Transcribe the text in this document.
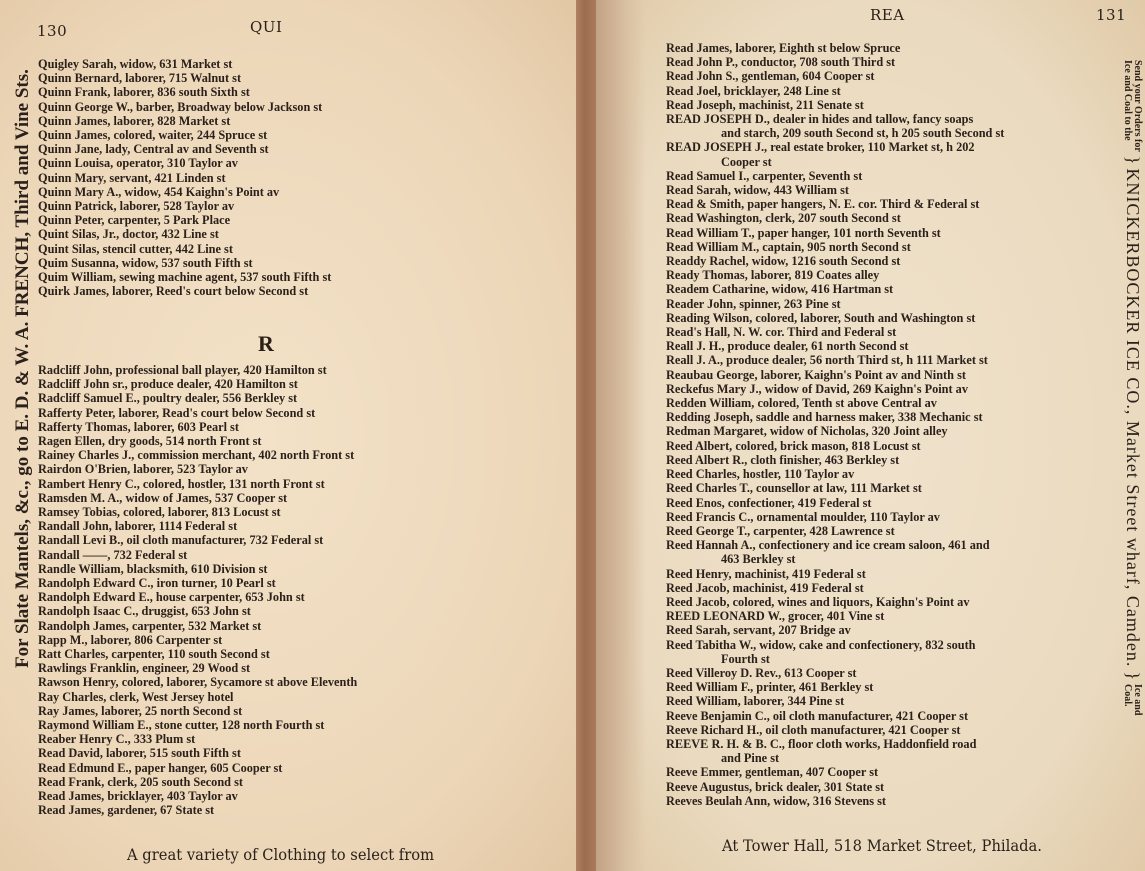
130	QUI
Quigley Sarah, widow, 631 Market st
Quinn Bernard, laborer, 715 Walnut st
Quinn Frank, laborer, 836 south Sixth st
Quinn George W., barber, Broadway below Jackson st
Quinn James, laborer, 828 Market st
Quinn James, colored, waiter, 244 Spruce st
Quinn Jane, lady, Central av and Seventh st
Quinn Louisa, operator, 310 Taylor av
Quinn Mary, servant, 421 Linden st
Quinn Mary A., widow, 454 Kaighn's Point av
Quinn Patrick, laborer, 528 Taylor av
Quinn Peter, carpenter, 5 Park Place
Quint Silas, Jr., doctor, 432 Line st
Quint Silas, stencil cutter, 442 Line st
Quim Susanna, widow, 537 south Fifth st
Quim William, sewing machine agent, 537 south Fifth st
Quirk James, laborer, Reed's court below Second st
R
Radcliff John, professional ball player, 420 Hamilton st
Radcliff John sr., produce dealer, 420 Hamilton st
Radcliff Samuel E., poultry dealer, 556 Berkley st
Rafferty Peter, laborer, Read's court below Second st
Rafferty Thomas, laborer, 603 Pearl st
Ragen Ellen, dry goods, 514 north Front st
Rainey Charles J., commission merchant, 402 north Front st
Rairdon O'Brien, laborer, 523 Taylor av
Rambert Henry C., colored, hostler, 131 north Front st
Ramsden M. A., widow of James, 537 Cooper st
Ramsey Tobias, colored, laborer, 813 Locust st
Randall John, laborer, 1114 Federal st
Randall Levi B., oil cloth manufacturer, 732 Federal st
Randall ——, 732 Federal st
Randle William, blacksmith, 610 Division st
Randolph Edward C., iron turner, 10 Pearl st
Randolph Edward E., house carpenter, 653 John st
Randolph Isaac C., druggist, 653 John st
Randolph James, carpenter, 532 Market st
Rapp M., laborer, 806 Carpenter st
Ratt Charles, carpenter, 110 south Second st
Rawlings Franklin, engineer, 29 Wood st
Rawson Henry, colored, laborer, Sycamore st above Eleventh
Ray Charles, clerk, West Jersey hotel
Ray James, laborer, 25 north Second st
Raymond William E., stone cutter, 128 north Fourth st
Reaber Henry C., 333 Plum st
Read David, laborer, 515 south Fifth st
Read Edmund E., paper hanger, 605 Cooper st
Read Frank, clerk, 205 south Second st
Read James, bricklayer, 403 Taylor av
Read James, gardener, 67 State st
A great variety of Clothing to select from
For Slate Mantels, &c., go to E. D. & W. A. FRENCH, Third and Vine Sts.
REA	131
Read James, laborer, Eighth st below Spruce
Read John P., conductor, 708 south Third st
Read John S., gentleman, 604 Cooper st
Read Joel, bricklayer, 248 Line st
Read Joseph, machinist, 211 Senate st
READ JOSEPH D., dealer in hides and tallow, fancy soaps
and starch, 209 south Second st, h 205 south Second st
READ JOSEPH J., real estate broker, 110 Market st, h 202
Cooper st
Read Samuel I., carpenter, Seventh st
Read Sarah, widow, 443 William st
Read & Smith, paper hangers, N. E. cor. Third & Federal st
Read Washington, clerk, 207 south Second st
Read William T., paper hanger, 101 north Seventh st
Read William M., captain, 905 north Second st
Readdy Rachel, widow, 1216 south Second st
Ready Thomas, laborer, 819 Coates alley
Readem Catharine, widow, 416 Hartman st
Reader John, spinner, 263 Pine st
Reading Wilson, colored, laborer, South and Washington st
Read's Hall, N. W. cor. Third and Federal st
Reall J. H., produce dealer, 61 north Second st
Reall J. A., produce dealer, 56 north Third st, h 111 Market st
Reaubau George, laborer, Kaighn's Point av and Ninth st
Reckefus Mary J., widow of David, 269 Kaighn's Point av
Redden William, colored, Tenth st above Central av
Redding Joseph, saddle and harness maker, 338 Mechanic st
Redman Margaret, widow of Nicholas, 320 Joint alley
Reed Albert, colored, brick mason, 818 Locust st
Reed Albert R., cloth finisher, 463 Berkley st
Reed Charles, hostler, 110 Taylor av
Reed Charles T., counsellor at law, 111 Market st
Reed Enos, confectioner, 419 Federal st
Reed Francis C., ornamental moulder, 110 Taylor av
Reed George T., carpenter, 428 Lawrence st
Reed Hannah A., confectionery and ice cream saloon, 461 and
463 Berkley st
Reed Henry, machinist, 419 Federal st
Reed Jacob, machinist, 419 Federal st
Reed Jacob, colored, wines and liquors, Kaighn's Point av
REED LEONARD W., grocer, 401 Vine st
Reed Sarah, servant, 207 Bridge av
Reed Tabitha W., widow, cake and confectionery, 832 south
Fourth st
Reed Villeroy D. Rev., 613 Cooper st
Reed William F., printer, 461 Berkley st
Reed William, laborer, 344 Pine st
Reeve Benjamin C., oil cloth manufacturer, 421 Cooper st
Reeve Richard H., oil cloth manufacturer, 421 Cooper st
REEVE R. H. & B. C., floor cloth works, Haddonfield road
and Pine st
Reeve Emmer, gentleman, 407 Cooper st
Reeve Augustus, brick dealer, 301 State st
Reeves Beulah Ann, widow, 316 Stevens st
At Tower Hall, 518 Market Street, Philada.
Send your Orders for
Ice and Coal to the
}
KNICKERBOCKER ICE CO., Market Street wharf, Camden.
}
Ice and
Coal.
